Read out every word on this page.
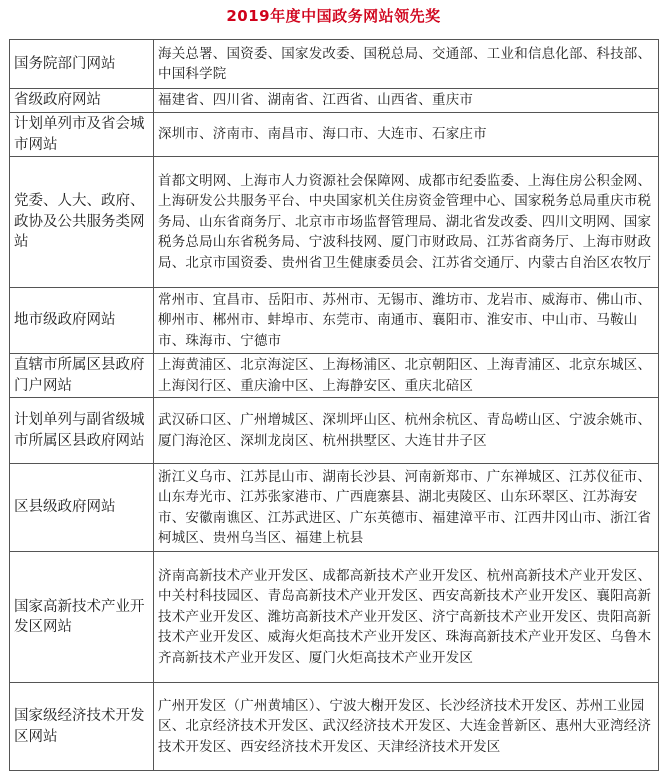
2019年度中国政务网站领先奖
国务院部门网站	海关总署、国资委、国家发改委、国税总局、交通部、工业和信息化部、科技部、中国科学院
省级政府网站	福建省、四川省、湖南省、江西省、山西省、重庆市
计划单列市及省会城市网站	深圳市、济南市、南昌市、海口市、大连市、石家庄市
党委、人大、政府、政协及公共服务类网站	首都文明网、上海市人力资源社会保障网、成都市纪委监委、上海住房公积金网、上海研发公共服务平台、中央国家机关住房资金管理中心、国家税务总局重庆市税务局、山东省商务厅、北京市市场监督管理局、湖北省发改委、四川文明网、国家税务总局山东省税务局、宁波科技网、厦门市财政局、江苏省商务厅、上海市财政局、北京市国资委、贵州省卫生健康委员会、江苏省交通厅、内蒙古自治区农牧厅
地市级政府网站	常州市、宜昌市、岳阳市、苏州市、无锡市、潍坊市、龙岩市、威海市、佛山市、柳州市、郴州市、蚌埠市、东莞市、南通市、襄阳市、淮安市、中山市、马鞍山市、珠海市、宁德市
直辖市所属区县政府门户网站	上海黄浦区、北京海淀区、上海杨浦区、北京朝阳区、上海青浦区、北京东城区、上海闵行区、重庆渝中区、上海静安区、重庆北碚区
计划单列与副省级城市所属区县政府网站	武汉硚口区、广州增城区、深圳坪山区、杭州余杭区、青岛崂山区、宁波余姚市、厦门海沧区、深圳龙岗区、杭州拱墅区、大连甘井子区
区县级政府网站	浙江义乌市、江苏昆山市、湖南长沙县、河南新郑市、广东禅城区、江苏仪征市、山东寿光市、江苏张家港市、广西鹿寨县、湖北夷陵区、山东环翠区、江苏海安市、安徽南谯区、江苏武进区、广东英德市、福建漳平市、江西井冈山市、浙江省柯城区、贵州乌当区、福建上杭县
国家高新技术产业开发区网站	济南高新技术产业开发区、成都高新技术产业开发区、杭州高新技术产业开发区、中关村科技园区、青岛高新技术产业开发区、西安高新技术产业开发区、襄阳高新技术产业开发区、潍坊高新技术产业开发区、济宁高新技术产业开发区、贵阳高新技术产业开发区、威海火炬高技术产业开发区、珠海高新技术产业开发区、乌鲁木齐高新技术产业开发区、厦门火炬高技术产业开发区
国家级经济技术开发区网站	广州开发区（广州黄埔区）、宁波大榭开发区、长沙经济技术开发区、苏州工业园区、北京经济技术开发区、武汉经济技术开发区、大连金普新区、惠州大亚湾经济技术开发区、西安经济技术开发区、天津经济技术开发区
